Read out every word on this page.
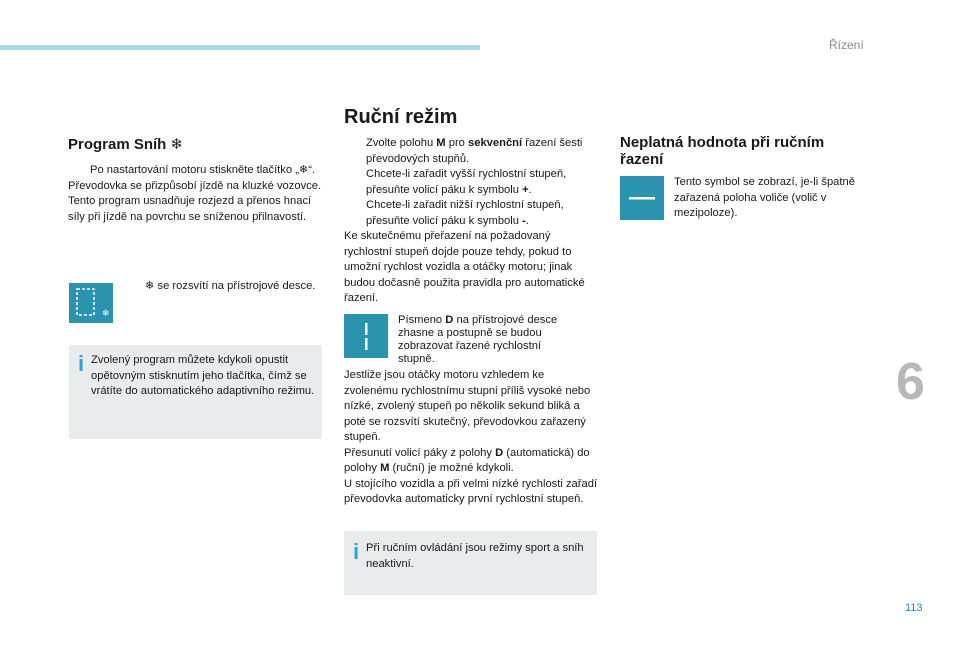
Řízení
6
113
Program Sníh ❄
Po nastartování motoru stiskněte tlačítko „❄“.

Převodovka se přizpůsobí jízdě na kluzké vozovce.

Tento program usnadňuje rozjezd a přenos hnací síly při jízdě na povrchu se sníženou přilnavostí.

❄
❄ se rozsvítí na přístrojové desce.
i Zvolený program můžete kdykoli opustit opětovným stisknutím jeho tlačítka, čímž se vrátíte do automatického adaptivního režimu.
Ruční režim
Zvolte polohu M pro sekvenční řazení šesti převodových stupňů.
Chcete-li zařadit vyšší rychlostní stupeň, přesuňte volicí páku k symbolu +.
Chcete-li zařadit nižší rychlostní stupeň, přesuňte volicí páku k symbolu -.

Ke skutečnému přeřazení na požadovaný rychlostní stupeň dojde pouze tehdy, pokud to umožní rychlost vozidla a otáčky motoru; jinak budou dočasně použita pravidla pro automatické řazení.

Písmeno D na přístrojové desce zhasne a postupně se budou zobrazovat řazené rychlostní stupně.

Jestliže jsou otáčky motoru vzhledem ke zvolenému rychlostnímu stupni příliš vysoké nebo nízké, zvolený stupeň po několik sekund bliká a poté se rozsvítí skutečný, převodovkou zařazený stupeň.

Přesunutí volicí páky z polohy D (automatická) do polohy M (ruční) je možné kdykoli.

U stojícího vozidla a při velmi nízké rychlosti zařadí převodovka automaticky první rychlostní stupeň.

i Při ručním ovládání jsou režimy sport a sníh neaktivní.
Neplatná hodnota při ručním řazení
Tento symbol se zobrazí, je-li špatně zařazená poloha voliče (volič v mezipoloze).
